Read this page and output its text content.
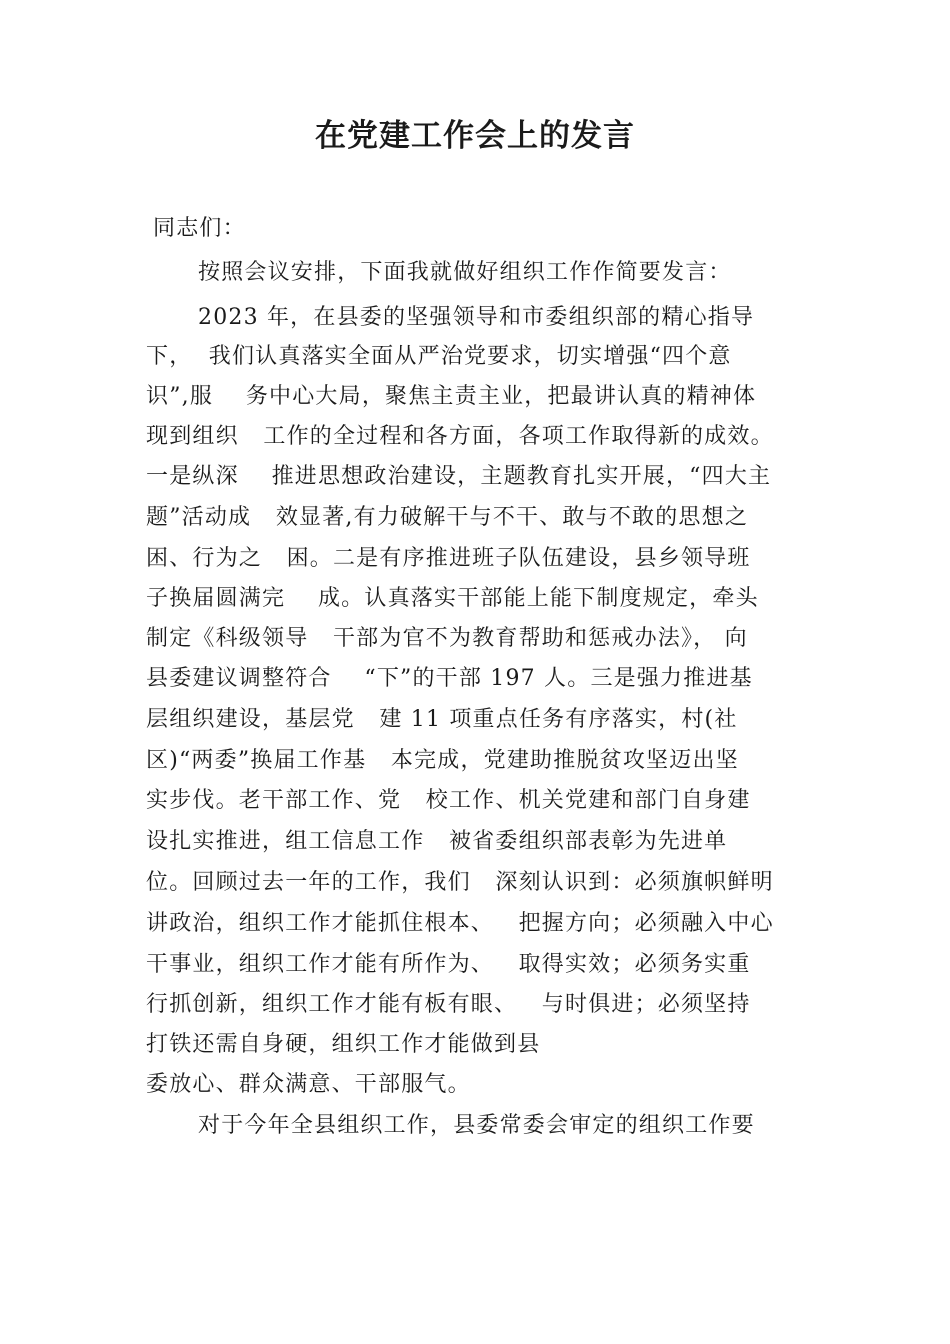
在党建工作会上的发言
同志们：
按照会议安排，下面我就做好组织工作作简要发言：
2023 年，在县委的坚强领导和市委组织部的精心指导
下，  我们认真落实全面从严治党要求，切实增强“四个意
识”,服    务中心大局，聚焦主责主业，把最讲认真的精神体
现到组织   工作的全过程和各方面，各项工作取得新的成效。
一是纵深    推进思想政治建设，主题教育扎实开展，“四大主
题”活动成   效显著,有力破解干与不干、敢与不敢的思想之
困、行为之   困。二是有序推进班子队伍建设，县乡领导班
子换届圆满完    成。认真落实干部能上能下制度规定，牵头
制定《科级领导   干部为官不为教育帮助和惩戒办法》， 向
县委建议调整符合    “下”的干部 197 人。三是强力推进基
层组织建设，基层党   建 11 项重点任务有序落实，村(社
区)“两委”换届工作基   本完成，党建助推脱贫攻坚迈出坚
实步伐。老干部工作、党   校工作、机关党建和部门自身建
设扎实推进，组工信息工作   被省委组织部表彰为先进单
位。回顾过去一年的工作，我们   深刻认识到：必须旗帜鲜明
讲政治，组织工作才能抓住根本、   把握方向；必须融入中心
干事业，组织工作才能有所作为、   取得实效；必须务实重
行抓创新，组织工作才能有板有眼、   与时俱进；必须坚持
打铁还需自身硬，组织工作才能做到县
委放心、群众满意、干部服气。
对于今年全县组织工作，县委常委会审定的组织工作要
